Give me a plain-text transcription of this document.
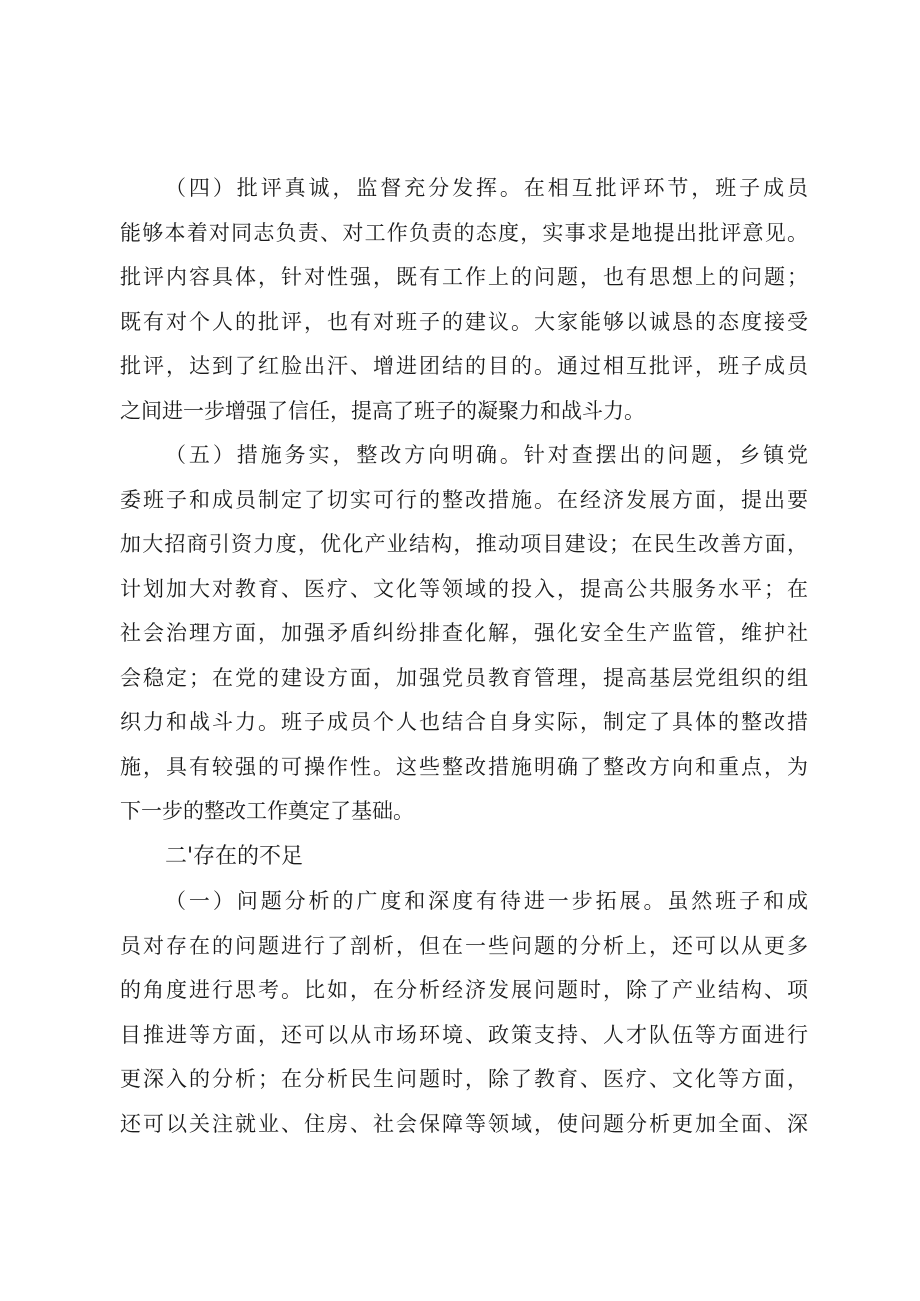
（四）批评真诚，监督充分发挥。在相互批评环节，班子成员
能够本着对同志负责、对工作负责的态度，实事求是地提出批评意见。
批评内容具体，针对性强，既有工作上的问题，也有思想上的问题；
既有对个人的批评，也有对班子的建议。大家能够以诚恳的态度接受
批评，达到了红脸出汗、增进团结的目的。通过相互批评，班子成员
之间进一步增强了信任，提高了班子的凝聚力和战斗力。
（五）措施务实，整改方向明确。针对查摆出的问题，乡镇党
委班子和成员制定了切实可行的整改措施。在经济发展方面，提出要
加大招商引资力度，优化产业结构，推动项目建设；在民生改善方面，
计划加大对教育、医疗、文化等领域的投入，提高公共服务水平；在
社会治理方面，加强矛盾纠纷排查化解，强化安全生产监管，维护社
会稳定；在党的建设方面，加强党员教育管理，提高基层党组织的组
织力和战斗力。班子成员个人也结合自身实际，制定了具体的整改措
施，具有较强的可操作性。这些整改措施明确了整改方向和重点，为
下一步的整改工作奠定了基础。
二'存在的不足
（一）问题分析的广度和深度有待进一步拓展。虽然班子和成
员对存在的问题进行了剖析，但在一些问题的分析上，还可以从更多
的角度进行思考。比如，在分析经济发展问题时，除了产业结构、项
目推进等方面，还可以从市场环境、政策支持、人才队伍等方面进行
更深入的分析；在分析民生问题时，除了教育、医疗、文化等方面，
还可以关注就业、住房、社会保障等领域，使问题分析更加全面、深
